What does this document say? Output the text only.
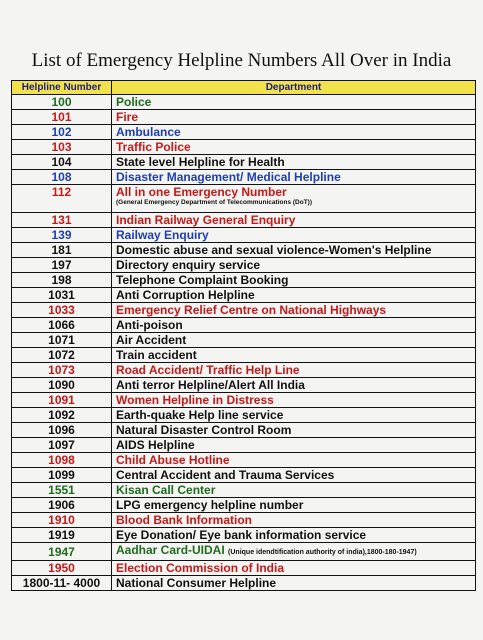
List of Emergency Helpline Numbers All Over in India
Helpline Number	Department
100	Police
101	Fire
102	Ambulance
103	Traffic Police
104	State level Helpline for Health
108	Disaster Management/ Medical Helpline
112	All in one Emergency Number
(General Emergency Department of Telecommunications (DoT))

131	Indian Railway General Enquiry
139	Railway Enquiry
181	Domestic abuse and sexual violence-Women's Helpline
197	Directory enquiry service
198	Telephone Complaint Booking
1031	Anti Corruption Helpline
1033	Emergency Relief Centre on National Highways
1066	Anti-poison
1071	Air Accident
1072	Train accident
1073	Road Accident/ Traffic Help Line
1090	Anti terror Helpline/Alert All India
1091	Women Helpline in Distress
1092	Earth-quake Help line service
1096	Natural Disaster Control Room
1097	AIDS Helpline
1098	Child Abuse Hotline
1099	Central Accident and Trauma Services
1551	Kisan Call Center
1906	LPG emergency helpline number
1910	Blood Bank Information
1919	Eye Donation/ Eye bank information service
1947	Aadhar Card-UIDAI (Unique idendtification authority of india),1800-180-1947)
1950	Election Commission of India
1800-11- 4000	National Consumer Helpline
